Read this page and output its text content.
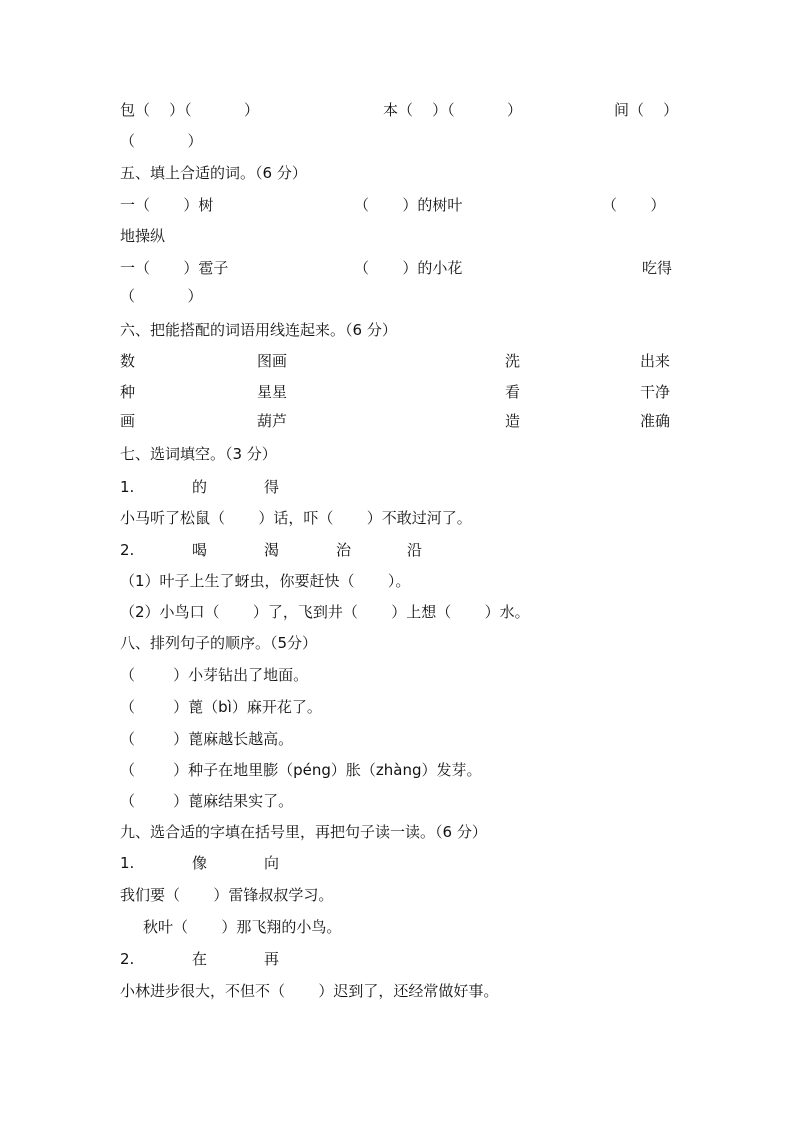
包（    ）（           ）	本（    ）（           ）	间（    ）
（           ）
五、填上合适的词。（6 分）
一（       ）树	（       ）的树叶	（       ）
地操纵
一（       ）雹子	（       ）的小花	吃得
（           ）
六、把能搭配的词语用线连起来。（6 分）
数	图画	洗	出来
种	星星	看	干净
画	葫芦	造	准确
七、选词填空。（3 分）
1.	的	得
小马听了松鼠（       ）话，吓（       ）不敢过河了。
2.	喝	渴	治	沿
（1）叶子上生了蚜虫，你要赶快（       ）。
（2）小鸟口（       ）了，飞到井（       ）上想（       ）水。
八、排列句子的顺序。（5分）
（        ）小芽钻出了地面。
（        ）蓖（bì）麻开花了。
（        ）蓖麻越长越高。
（        ）种子在地里膨（péng）胀（zhàng）发芽。
（        ）蓖麻结果实了。
九、选合适的字填在括号里，再把句子读一读。（6 分）
1.	像	向
我们要（       ）雷锋叔叔学习。
秋叶（       ）那飞翔的小鸟。
2.	在	再
小林进步很大，不但不（       ）迟到了，还经常做好事。
